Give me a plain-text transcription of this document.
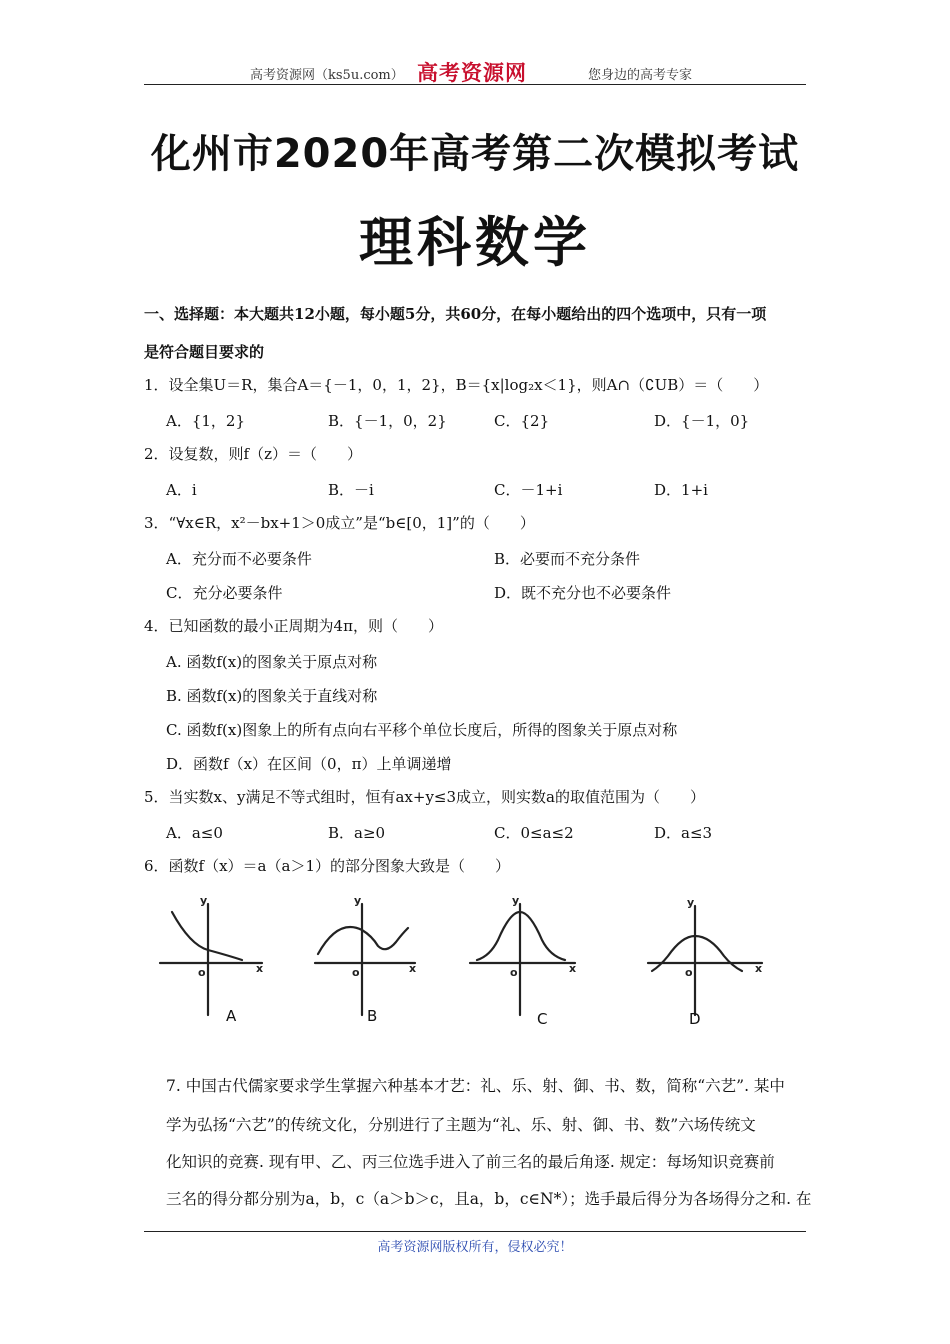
高考资源网（ks5u.com） 高考资源网	您身边的高考专家
化州市2020年高考第二次模拟考试
理科数学
一、选择题：本大题共12小题，每小题5分，共60分，在每小题给出的四个选项中，只有一项
是符合题目要求的
1．设全集U＝R，集合A＝{－1，0，1，2}，B＝{x|log₂x＜1}，则A∩（∁UB）＝（　　）
A．{1，2}	B．{－1，0，2}	C．{2}	D．{－1，0}
2．设复数，则f（z）＝（　　）
A．i	B．－i	C．－1+i	D．1+i
3．“∀x∈R，x²－bx+1＞0成立”是“b∈[0，1]”的（　　）
A．充分而不必要条件	B．必要而不充分条件
C．充分必要条件	D．既不充分也不必要条件
4．已知函数的最小正周期为4π，则（　　）
A. 函数f(x)的图象关于原点对称
B. 函数f(x)的图象关于直线对称
C. 函数f(x)图象上的所有点向右平移个单位长度后，所得的图象关于原点对称
D．函数f（x）在区间（0，π）上单调递增
5．当实数x、y满足不等式组时，恒有ax+y≤3成立，则实数a的取值范围为（　　）
A．a≤0	B．a≥0	C．0≤a≤2	D．a≤3
6．函数f（x）＝a（a＞1）的部分图象大致是（　　）
y
o	x
y
o	x
y
o	x
y
o	x
A	B	C	D
7. 中国古代儒家要求学生掌握六种基本才艺：礼、乐、射、御、书、数，简称“六艺”. 某中
学为弘扬“六艺”的传统文化，分别进行了主题为“礼、乐、射、御、书、数”六场传统文
化知识的竞赛. 现有甲、乙、丙三位选手进入了前三名的最后角逐. 规定：每场知识竞赛前
三名的得分都分别为a，b，c（a＞b＞c，且a，b，c∈N*）；选手最后得分为各场得分之和. 在
高考资源网版权所有，侵权必究！
